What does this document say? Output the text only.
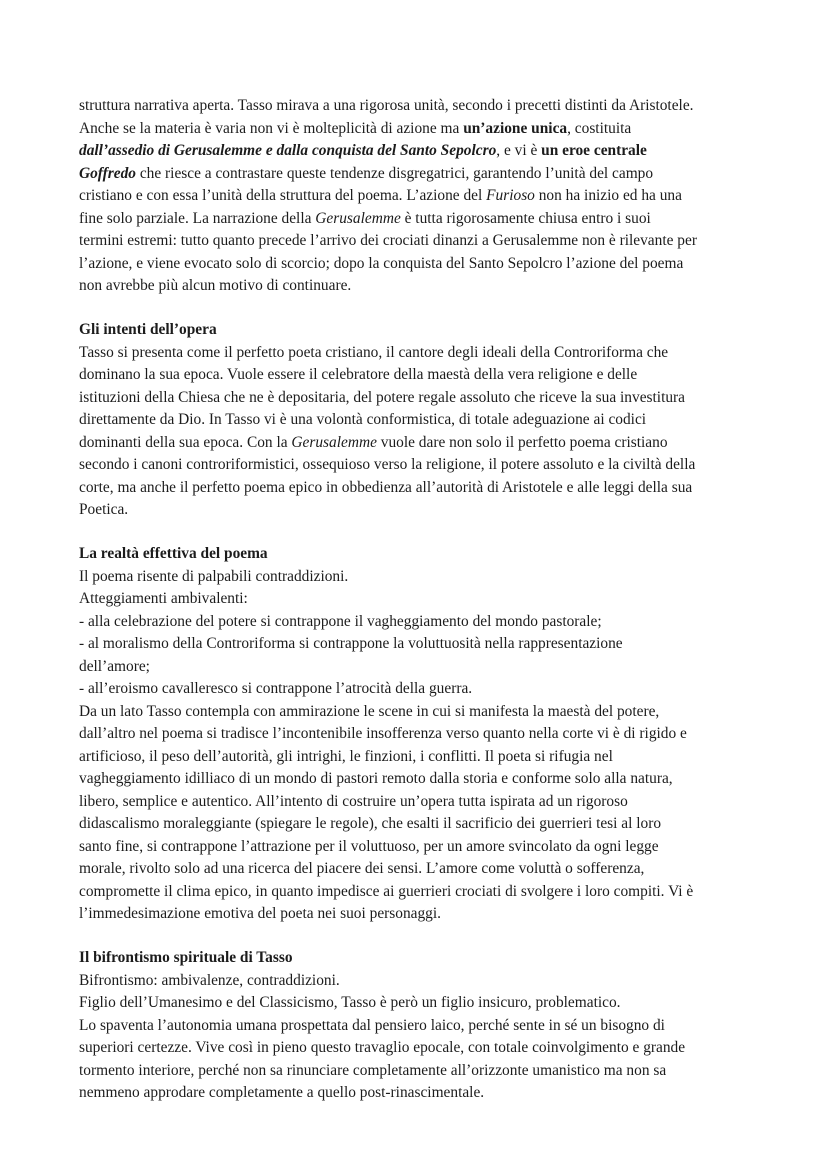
struttura narrativa aperta. Tasso mirava a una rigorosa unità, secondo i precetti distinti da Aristotele.
Anche se la materia è varia non vi è molteplicità di azione ma un’azione unica, costituita
dall’assedio di Gerusalemme e dalla conquista del Santo Sepolcro, e vi è un eroe centrale
Goffredo che riesce a contrastare queste tendenze disgregatrici, garantendo l’unità del campo
cristiano e con essa l’unità della struttura del poema. L’azione del Furioso non ha inizio ed ha una
fine solo parziale. La narrazione della Gerusalemme è tutta rigorosamente chiusa entro i suoi
termini estremi: tutto quanto precede l’arrivo dei crociati dinanzi a Gerusalemme non è rilevante per
l’azione, e viene evocato solo di scorcio; dopo la conquista del Santo Sepolcro l’azione del poema
non avrebbe più alcun motivo di continuare.
Gli intenti dell’opera
Tasso si presenta come il perfetto poeta cristiano, il cantore degli ideali della Controriforma che
dominano la sua epoca. Vuole essere il celebratore della maestà della vera religione e delle
istituzioni della Chiesa che ne è depositaria, del potere regale assoluto che riceve la sua investitura
direttamente da Dio. In Tasso vi è una volontà conformistica, di totale adeguazione ai codici
dominanti della sua epoca. Con la Gerusalemme vuole dare non solo il perfetto poema cristiano
secondo i canoni controriformistici, ossequioso verso la religione, il potere assoluto e la civiltà della
corte, ma anche il perfetto poema epico in obbedienza all’autorità di Aristotele e alle leggi della sua
Poetica.
La realtà effettiva del poema
Il poema risente di palpabili contraddizioni.
Atteggiamenti ambivalenti:
- alla celebrazione del potere si contrappone il vagheggiamento del mondo pastorale;
- al moralismo della Controriforma si contrappone la voluttuosità nella rappresentazione
dell’amore;
- all’eroismo cavalleresco si contrappone l’atrocità della guerra.
Da un lato Tasso contempla con ammirazione le scene in cui si manifesta la maestà del potere,
dall’altro nel poema si tradisce l’incontenibile insofferenza verso quanto nella corte vi è di rigido e
artificioso, il peso dell’autorità, gli intrighi, le finzioni, i conflitti. Il poeta si rifugia nel
vagheggiamento idilliaco di un mondo di pastori remoto dalla storia e conforme solo alla natura,
libero, semplice e autentico. All’intento di costruire un’opera tutta ispirata ad un rigoroso
didascalismo moraleggiante (spiegare le regole), che esalti il sacrificio dei guerrieri tesi al loro
santo fine, si contrappone l’attrazione per il voluttuoso, per un amore svincolato da ogni legge
morale, rivolto solo ad una ricerca del piacere dei sensi. L’amore come voluttà o sofferenza,
compromette il clima epico, in quanto impedisce ai guerrieri crociati di svolgere i loro compiti. Vi è
l’immedesimazione emotiva del poeta nei suoi personaggi.
Il bifrontismo spirituale di Tasso
Bifrontismo: ambivalenze, contraddizioni.
Figlio dell’Umanesimo e del Classicismo, Tasso è però un figlio insicuro, problematico.
Lo spaventa l’autonomia umana prospettata dal pensiero laico, perché sente in sé un bisogno di
superiori certezze. Vive così in pieno questo travaglio epocale, con totale coinvolgimento e grande
tormento interiore, perché non sa rinunciare completamente all’orizzonte umanistico ma non sa
nemmeno approdare completamente a quello post-rinascimentale.
